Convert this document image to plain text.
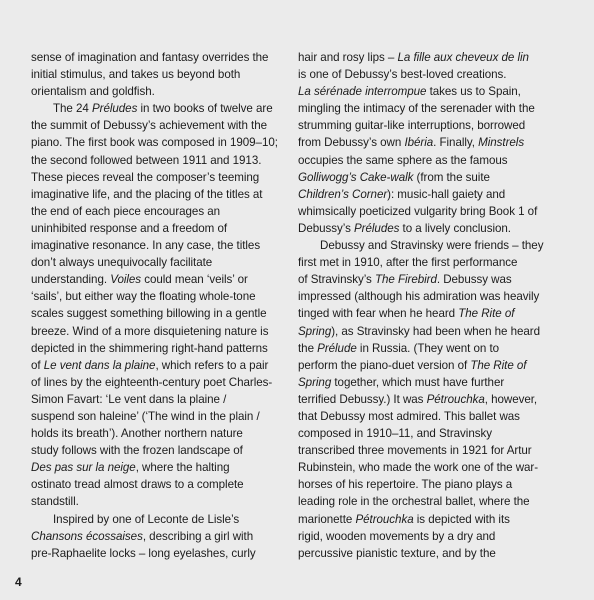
sense of imagination and fantasy overrides the
initial stimulus, and takes us beyond both
orientalism and goldfish.
The 24 Préludes in two books of twelve are
the summit of Debussy’s achievement with the
piano. The first book was composed in 1909–10;
the second followed between 1911 and 1913.
These pieces reveal the composer’s teeming
imaginative life, and the placing of the titles at
the end of each piece encourages an
uninhibited response and a freedom of
imaginative resonance. In any case, the titles
don’t always unequivocally facilitate
understanding. Voiles could mean ‘veils’ or
‘sails’, but either way the floating whole-tone
scales suggest something billowing in a gentle
breeze. Wind of a more disquietening nature is
depicted in the shimmering right-hand patterns
of Le vent dans la plaine, which refers to a pair
of lines by the eighteenth-century poet Charles-
Simon Favart: ‘Le vent dans la plaine /
suspend son haleine’ (‘The wind in the plain /
holds its breath’). Another northern nature
study follows with the frozen landscape of
Des pas sur la neige, where the halting
ostinato tread almost draws to a complete
standstill.
Inspired by one of Leconte de Lisle’s
Chansons écossaises, describing a girl with
pre-Raphaelite locks – long eyelashes, curly
hair and rosy lips – La fille aux cheveux de lin
is one of Debussy’s best-loved creations.
La sérénade interrompue takes us to Spain,
mingling the intimacy of the serenader with the
strumming guitar-like interruptions, borrowed
from Debussy’s own Ibéria. Finally, Minstrels
occupies the same sphere as the famous
Golliwogg’s Cake-walk (from the suite
Children’s Corner): music-hall gaiety and
whimsically poeticized vulgarity bring Book 1 of
Debussy’s Préludes to a lively conclusion.
Debussy and Stravinsky were friends – they
first met in 1910, after the first performance
of Stravinsky’s The Firebird. Debussy was
impressed (although his admiration was heavily
tinged with fear when he heard The Rite of
Spring), as Stravinsky had been when he heard
the Prélude in Russia. (They went on to
perform the piano-duet version of The Rite of
Spring together, which must have further
terrified Debussy.) It was Pétrouchka, however,
that Debussy most admired. This ballet was
composed in 1910–11, and Stravinsky
transcribed three movements in 1921 for Artur
Rubinstein, who made the work one of the war-
horses of his repertoire. The piano plays a
leading role in the orchestral ballet, where the
marionette Pétrouchka is depicted with its
rigid, wooden movements by a dry and
percussive pianistic texture, and by the
4
